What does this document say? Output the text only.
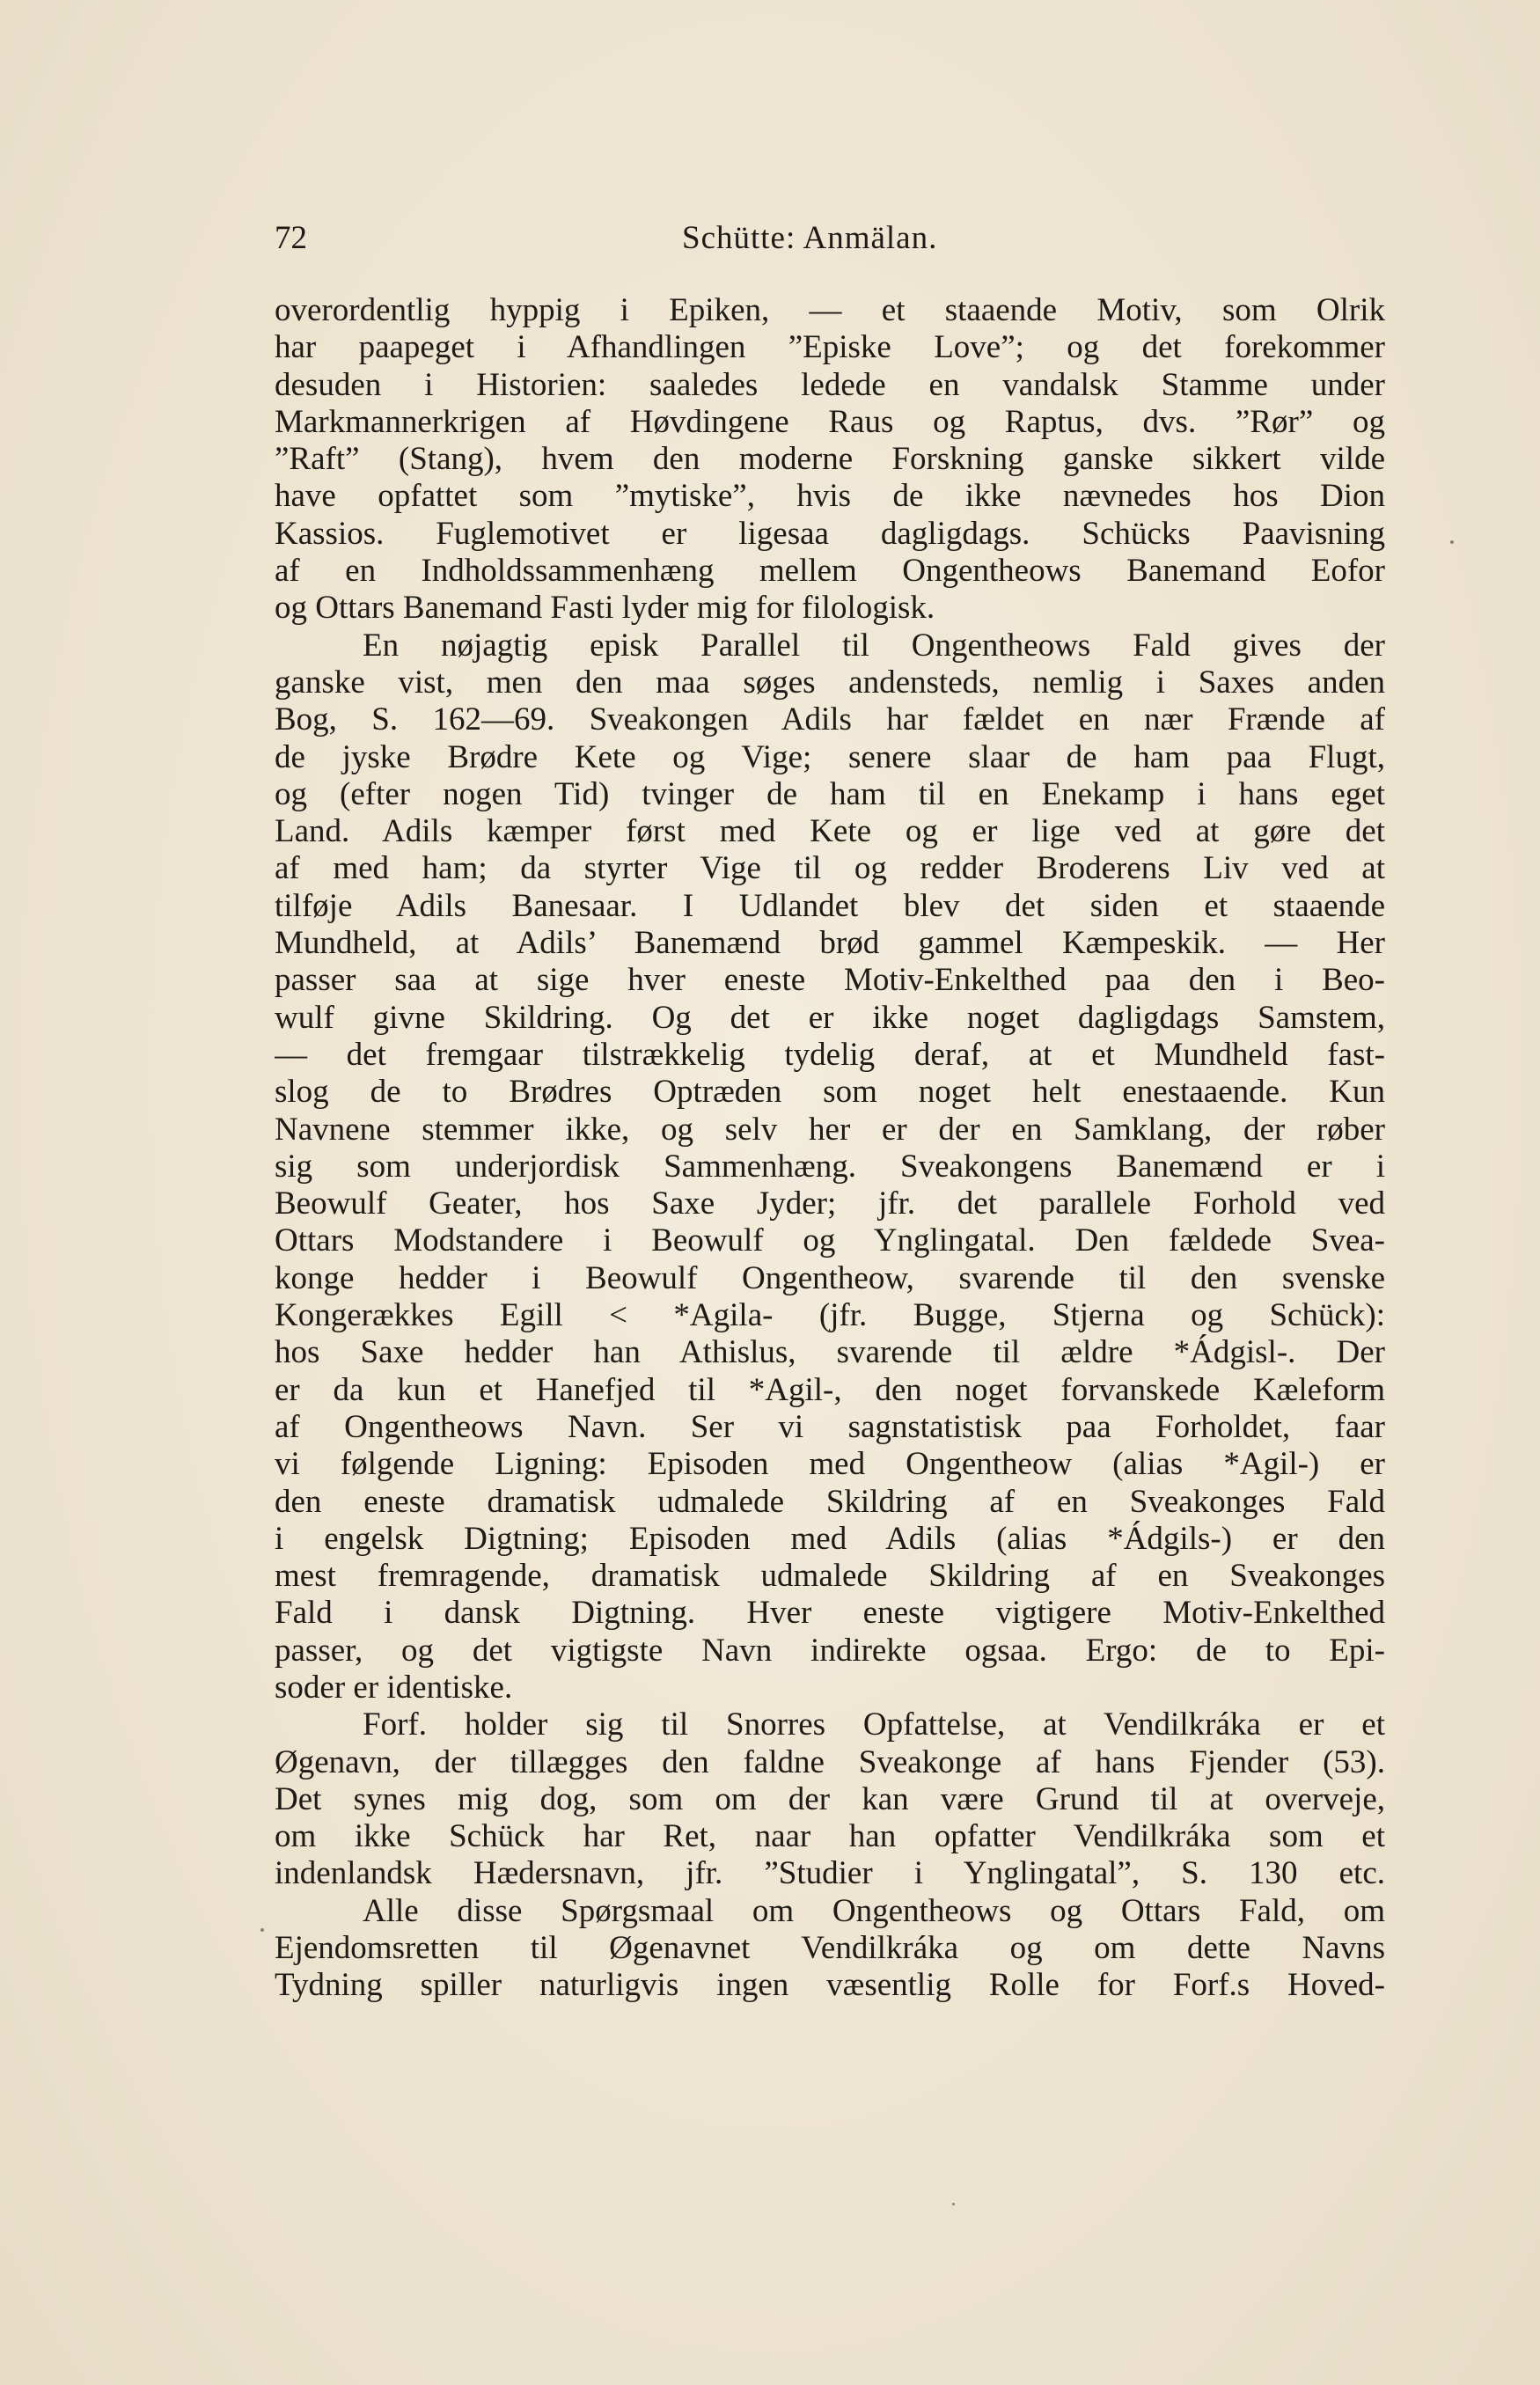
72	Schütte: Anmälan.
overordentlig hyppig i Epiken, — et staaende Motiv, som Olrik
har paapeget i Afhandlingen ”Episke Love”; og det forekommer
desuden i Historien: saaledes ledede en vandalsk Stamme under
Markmannerkrigen af Høvdingene Raus og Raptus, dvs. ”Rør” og
”Raft” (Stang), hvem den moderne Forskning ganske sikkert vilde
have opfattet som ”mytiske”, hvis de ikke nævnedes hos Dion
Kassios. Fuglemotivet er ligesaa dagligdags. Schücks Paavisning
af en Indholdssammenhæng mellem Ongentheows Banemand Eofor
og Ottars Banemand Fasti lyder mig for filologisk.
En nøjagtig episk Parallel til Ongentheows Fald gives der
ganske vist, men den maa søges andensteds, nemlig i Saxes anden
Bog, S. 162—69. Sveakongen Adils har fældet en nær Frænde af
de jyske Brødre Kete og Vige; senere slaar de ham paa Flugt,
og (efter nogen Tid) tvinger de ham til en Enekamp i hans eget
Land. Adils kæmper først med Kete og er lige ved at gøre det
af med ham; da styrter Vige til og redder Broderens Liv ved at
tilføje Adils Banesaar. I Udlandet blev det siden et staaende
Mundheld, at Adils’ Banemænd brød gammel Kæmpeskik. — Her
passer saa at sige hver eneste Motiv-Enkelthed paa den i Beo-
wulf givne Skildring. Og det er ikke noget dagligdags Samstem,
— det fremgaar tilstrækkelig tydelig deraf, at et Mundheld fast-
slog de to Brødres Optræden som noget helt enestaaende. Kun
Navnene stemmer ikke, og selv her er der en Samklang, der røber
sig som underjordisk Sammenhæng. Sveakongens Banemænd er i
Beowulf Geater, hos Saxe Jyder; jfr. det parallele Forhold ved
Ottars Modstandere i Beowulf og Ynglingatal. Den fældede Svea-
konge hedder i Beowulf Ongentheow, svarende til den svenske
Kongerækkes Egill < *Agila- (jfr. Bugge, Stjerna og Schück):
hos Saxe hedder han Athislus, svarende til ældre *Ádgisl-. Der
er da kun et Hanefjed til *Agil-, den noget forvanskede Kæleform
af Ongentheows Navn. Ser vi sagnstatistisk paa Forholdet, faar
vi følgende Ligning: Episoden med Ongentheow (alias *Agil-) er
den eneste dramatisk udmalede Skildring af en Sveakonges Fald
i engelsk Digtning; Episoden med Adils (alias *Ádgils-) er den
mest fremragende, dramatisk udmalede Skildring af en Sveakonges
Fald i dansk Digtning. Hver eneste vigtigere Motiv-Enkelthed
passer, og det vigtigste Navn indirekte ogsaa. Ergo: de to Epi-
soder er identiske.
Forf. holder sig til Snorres Opfattelse, at Vendilkráka er et
Øgenavn, der tillægges den faldne Sveakonge af hans Fjender (53).
Det synes mig dog, som om der kan være Grund til at overveje,
om ikke Schück har Ret, naar han opfatter Vendilkráka som et
indenlandsk Hædersnavn, jfr. ”Studier i Ynglingatal”, S. 130 etc.
Alle disse Spørgsmaal om Ongentheows og Ottars Fald, om
Ejendomsretten til Øgenavnet Vendilkráka og om dette Navns
Tydning spiller naturligvis ingen væsentlig Rolle for Forf.s Hoved-
